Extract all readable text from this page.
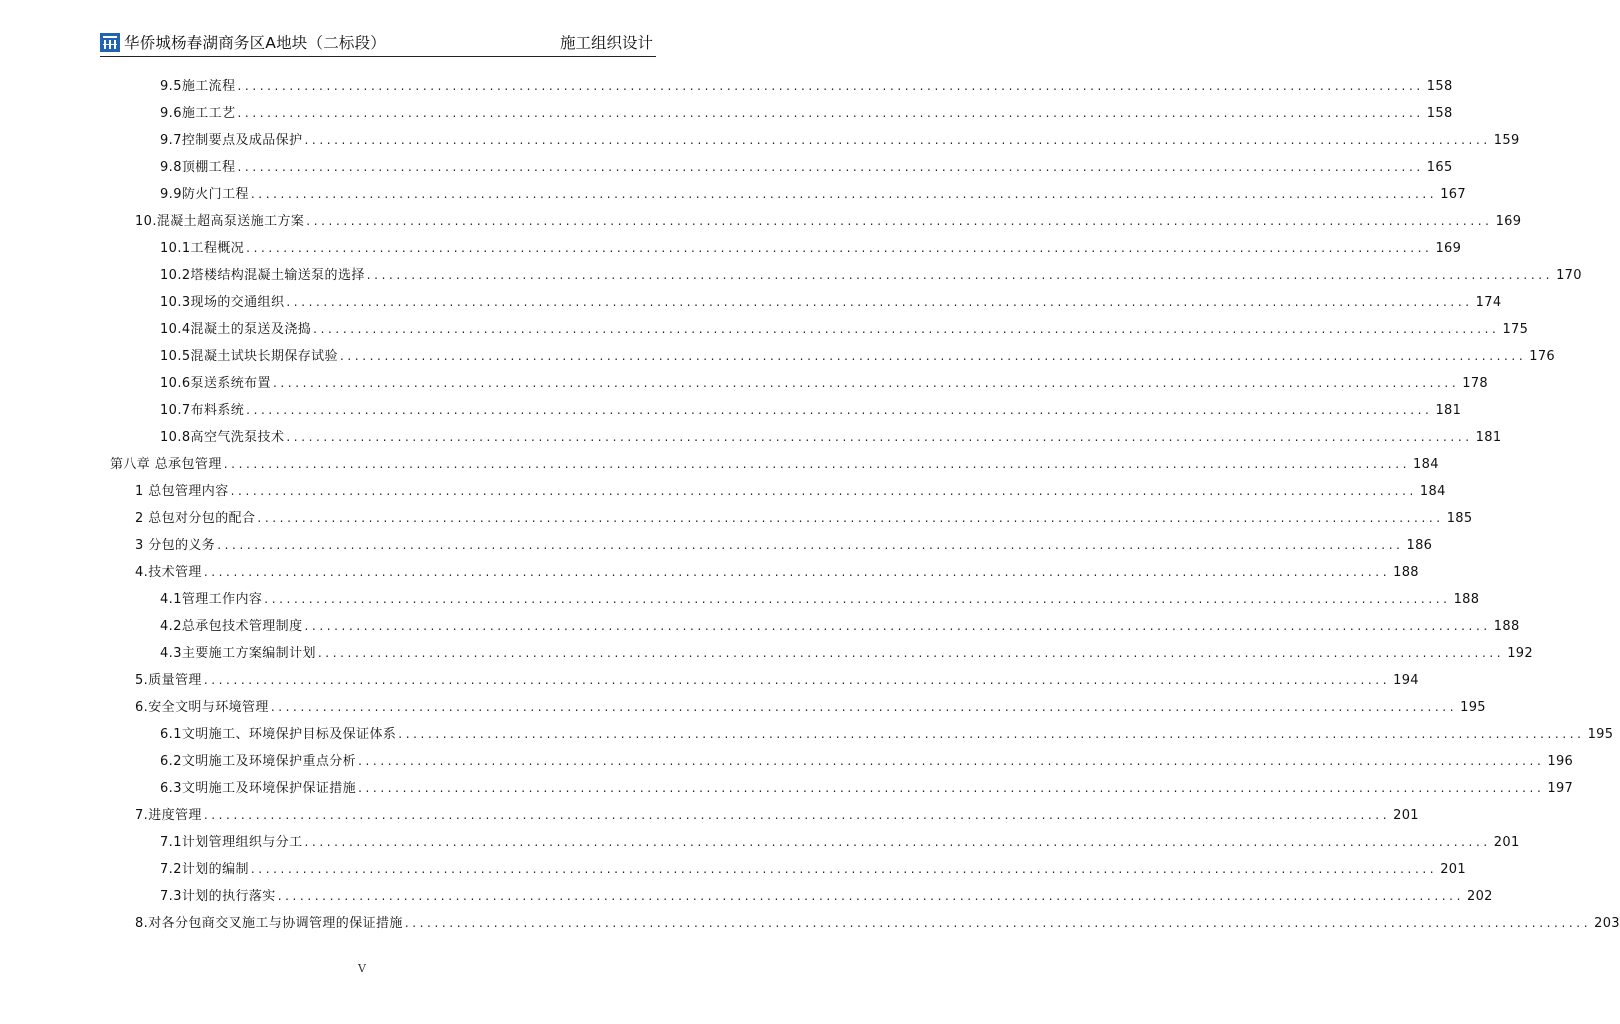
华侨城杨春湖商务区A地块（二标段）	施工组织设计
9.5施工流程 ................................................................................................................................................................ 158
9.6施工工艺 ................................................................................................................................................................ 158
9.7控制要点及成品保护 ................................................................................................................................................................ 159
9.8顶棚工程 ................................................................................................................................................................ 165
9.9防火门工程 ................................................................................................................................................................ 167
10.混凝土超高泵送施工方案 ................................................................................................................................................................ 169
10.1工程概况 ................................................................................................................................................................ 169
10.2塔楼结构混凝土输送泵的选择 ................................................................................................................................................................ 170
10.3现场的交通组织 ................................................................................................................................................................ 174
10.4混凝土的泵送及浇捣 ................................................................................................................................................................ 175
10.5混凝土试块长期保存试验 ................................................................................................................................................................ 176
10.6泵送系统布置 ................................................................................................................................................................ 178
10.7布料系统 ................................................................................................................................................................ 181
10.8高空气洗泵技术 ................................................................................................................................................................ 181
第八章 总承包管理 ................................................................................................................................................................ 184
1 总包管理内容 ................................................................................................................................................................ 184
2 总包对分包的配合 ................................................................................................................................................................ 185
3 分包的义务 ................................................................................................................................................................ 186
4.技术管理 ................................................................................................................................................................ 188
4.1管理工作内容 ................................................................................................................................................................ 188
4.2总承包技术管理制度 ................................................................................................................................................................ 188
4.3主要施工方案编制计划 ................................................................................................................................................................ 192
5.质量管理 ................................................................................................................................................................ 194
6.安全文明与环境管理 ................................................................................................................................................................ 195
6.1文明施工、环境保护目标及保证体系 ................................................................................................................................................................ 195
6.2文明施工及环境保护重点分析 ................................................................................................................................................................ 196
6.3文明施工及环境保护保证措施 ................................................................................................................................................................ 197
7.进度管理 ................................................................................................................................................................ 201
7.1计划管理组织与分工 ................................................................................................................................................................ 201
7.2计划的编制 ................................................................................................................................................................ 201
7.3计划的执行落实 ................................................................................................................................................................ 202
8.对各分包商交叉施工与协调管理的保证措施 ................................................................................................................................................................ 203
V
